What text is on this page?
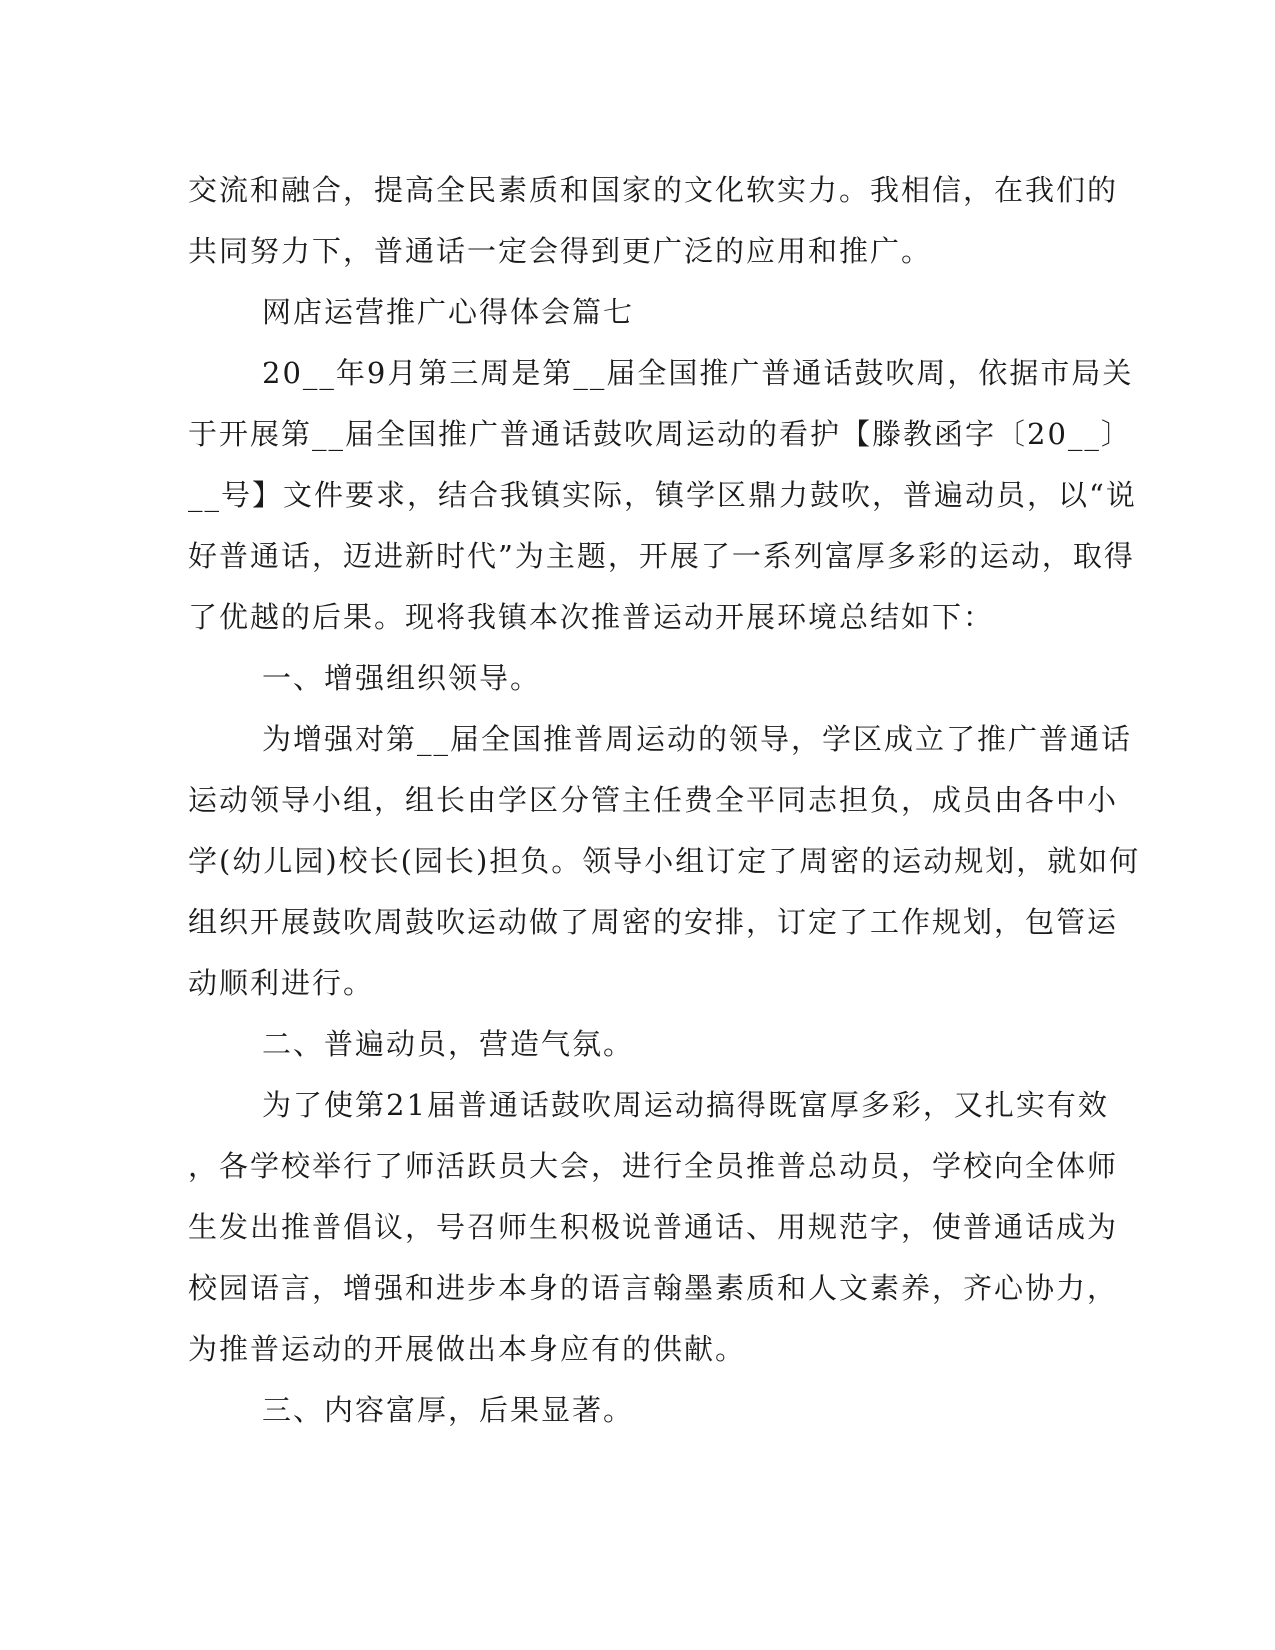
交流和融合，提高全民素质和国家的文化软实力。我相信，在我们的
共同努力下，普通话一定会得到更广泛的应用和推广。

网店运营推广心得体会篇七

20__年9月第三周是第__届全国推广普通话鼓吹周，依据市局关
于开展第__届全国推广普通话鼓吹周运动的看护【滕教函字〔20__〕
__号】文件要求，结合我镇实际，镇学区鼎力鼓吹，普遍动员，以“说
好普通话，迈进新时代”为主题，开展了一系列富厚多彩的运动，取得
了优越的后果。现将我镇本次推普运动开展环境总结如下：

一、增强组织领导。

为增强对第__届全国推普周运动的领导，学区成立了推广普通话
运动领导小组，组长由学区分管主任费全平同志担负，成员由各中小
学(幼儿园)校长(园长)担负。领导小组订定了周密的运动规划，就如何
组织开展鼓吹周鼓吹运动做了周密的安排，订定了工作规划，包管运
动顺利进行。

二、普遍动员，营造气氛。

为了使第21届普通话鼓吹周运动搞得既富厚多彩，又扎实有效
，各学校举行了师活跃员大会，进行全员推普总动员，学校向全体师
生发出推普倡议，号召师生积极说普通话、用规范字，使普通话成为
校园语言，增强和进步本身的语言翰墨素质和人文素养，齐心协力，
为推普运动的开展做出本身应有的供献。

三、内容富厚，后果显著。
